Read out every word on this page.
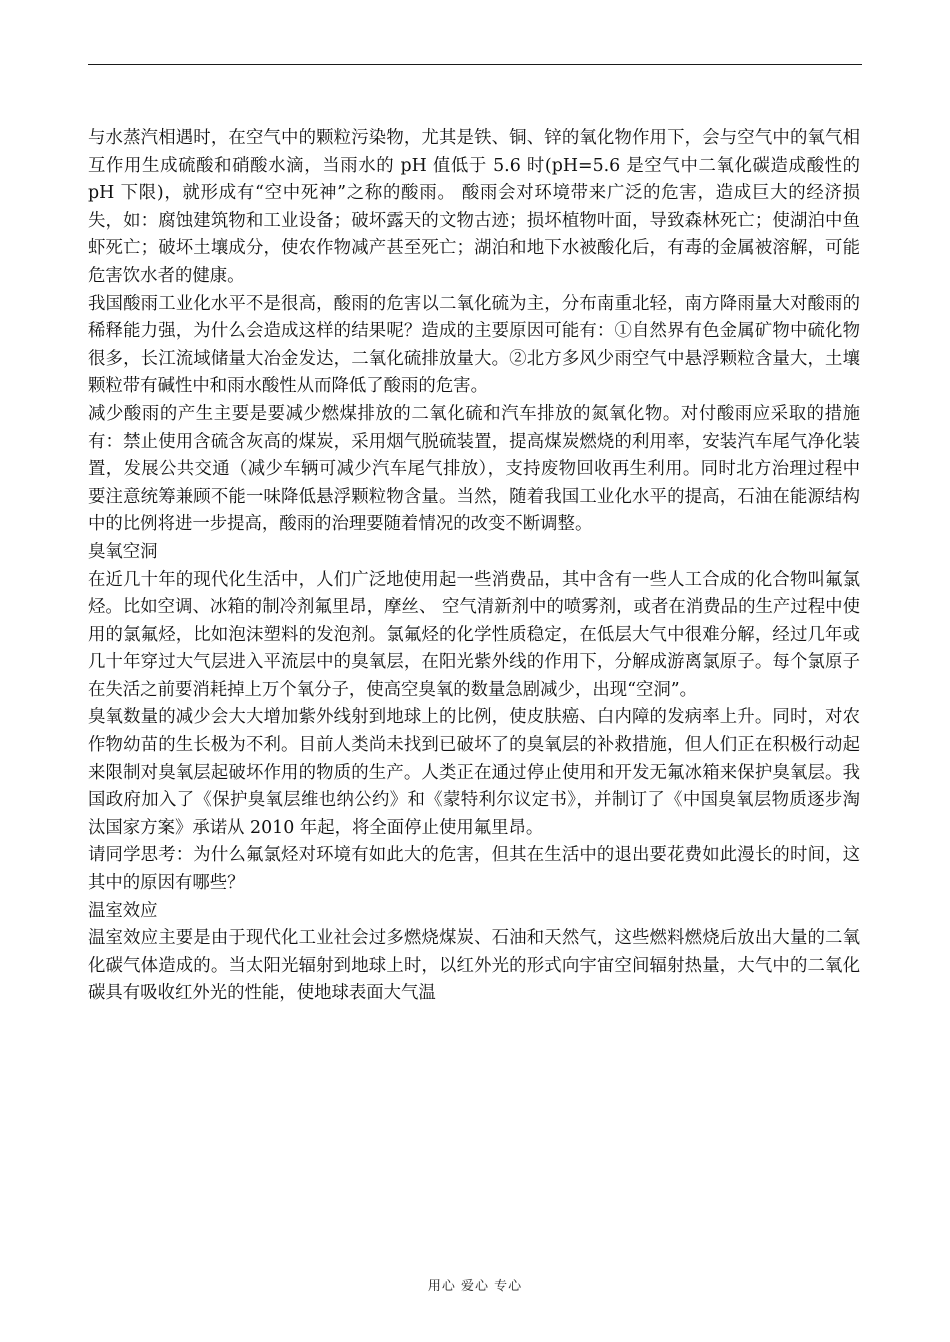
与水蒸汽相遇时，在空气中的颗粒污染物，尤其是铁、铜、锌的氧化物作用下，会与空气中的氧气相互作用生成硫酸和硝酸水滴，当雨水的 pH 值低于 5.6 时(pH=5.6 是空气中二氧化碳造成酸性的 pH 下限)，就形成有“空中死神”之称的酸雨。 酸雨会对环境带来广泛的危害，造成巨大的经济损失，如：腐蚀建筑物和工业设备；破坏露天的文物古迹；损坏植物叶面，导致森林死亡；使湖泊中鱼虾死亡；破坏土壤成分，使农作物减产甚至死亡；湖泊和地下水被酸化后，有毒的金属被溶解，可能危害饮水者的健康。

我国酸雨工业化水平不是很高，酸雨的危害以二氧化硫为主，分布南重北轻，南方降雨量大对酸雨的稀释能力强，为什么会造成这样的结果呢？造成的主要原因可能有：①自然界有色金属矿物中硫化物很多，长江流域储量大冶金发达，二氧化硫排放量大。②北方多风少雨空气中悬浮颗粒含量大，土壤颗粒带有碱性中和雨水酸性从而降低了酸雨的危害。

减少酸雨的产生主要是要减少燃煤排放的二氧化硫和汽车排放的氮氧化物。对付酸雨应采取的措施有：禁止使用含硫含灰高的煤炭，采用烟气脱硫装置，提高煤炭燃烧的利用率，安装汽车尾气净化装置，发展公共交通（减少车辆可减少汽车尾气排放），支持废物回收再生利用。同时北方治理过程中要注意统筹兼顾不能一味降低悬浮颗粒物含量。当然，随着我国工业化水平的提高，石油在能源结构中的比例将进一步提高，酸雨的治理要随着情况的改变不断调整。

臭氧空洞

在近几十年的现代化生活中，人们广泛地使用起一些消费品，其中含有一些人工合成的化合物叫氟氯烃。比如空调、冰箱的制冷剂氟里昂，摩丝、 空气清新剂中的喷雾剂，或者在消费品的生产过程中使用的氯氟烃，比如泡沫塑料的发泡剂。氯氟烃的化学性质稳定，在低层大气中很难分解，经过几年或几十年穿过大气层进入平流层中的臭氧层，在阳光紫外线的作用下，分解成游离氯原子。每个氯原子在失活之前要消耗掉上万个氧分子，使高空臭氧的数量急剧减少，出现“空洞”。

臭氧数量的减少会大大增加紫外线射到地球上的比例，使皮肤癌、白内障的发病率上升。同时，对农作物幼苗的生长极为不利。目前人类尚未找到已破坏了的臭氧层的补救措施，但人们正在积极行动起来限制对臭氧层起破坏作用的物质的生产。人类正在通过停止使用和开发无氟冰箱来保护臭氧层。我国政府加入了《保护臭氧层维也纳公约》和《蒙特利尔议定书》，并制订了《中国臭氧层物质逐步淘汰国家方案》承诺从 2010 年起，将全面停止使用氟里昂。

请同学思考：为什么氟氯烃对环境有如此大的危害，但其在生活中的退出要花费如此漫长的时间，这其中的原因有哪些？

温室效应

温室效应主要是由于现代化工业社会过多燃烧煤炭、石油和天然气，这些燃料燃烧后放出大量的二氧化碳气体造成的。当太阳光辐射到地球上时，以红外光的形式向宇宙空间辐射热量，大气中的二氧化碳具有吸收红外光的性能，使地球表面大气温

用心 爱心 专心
